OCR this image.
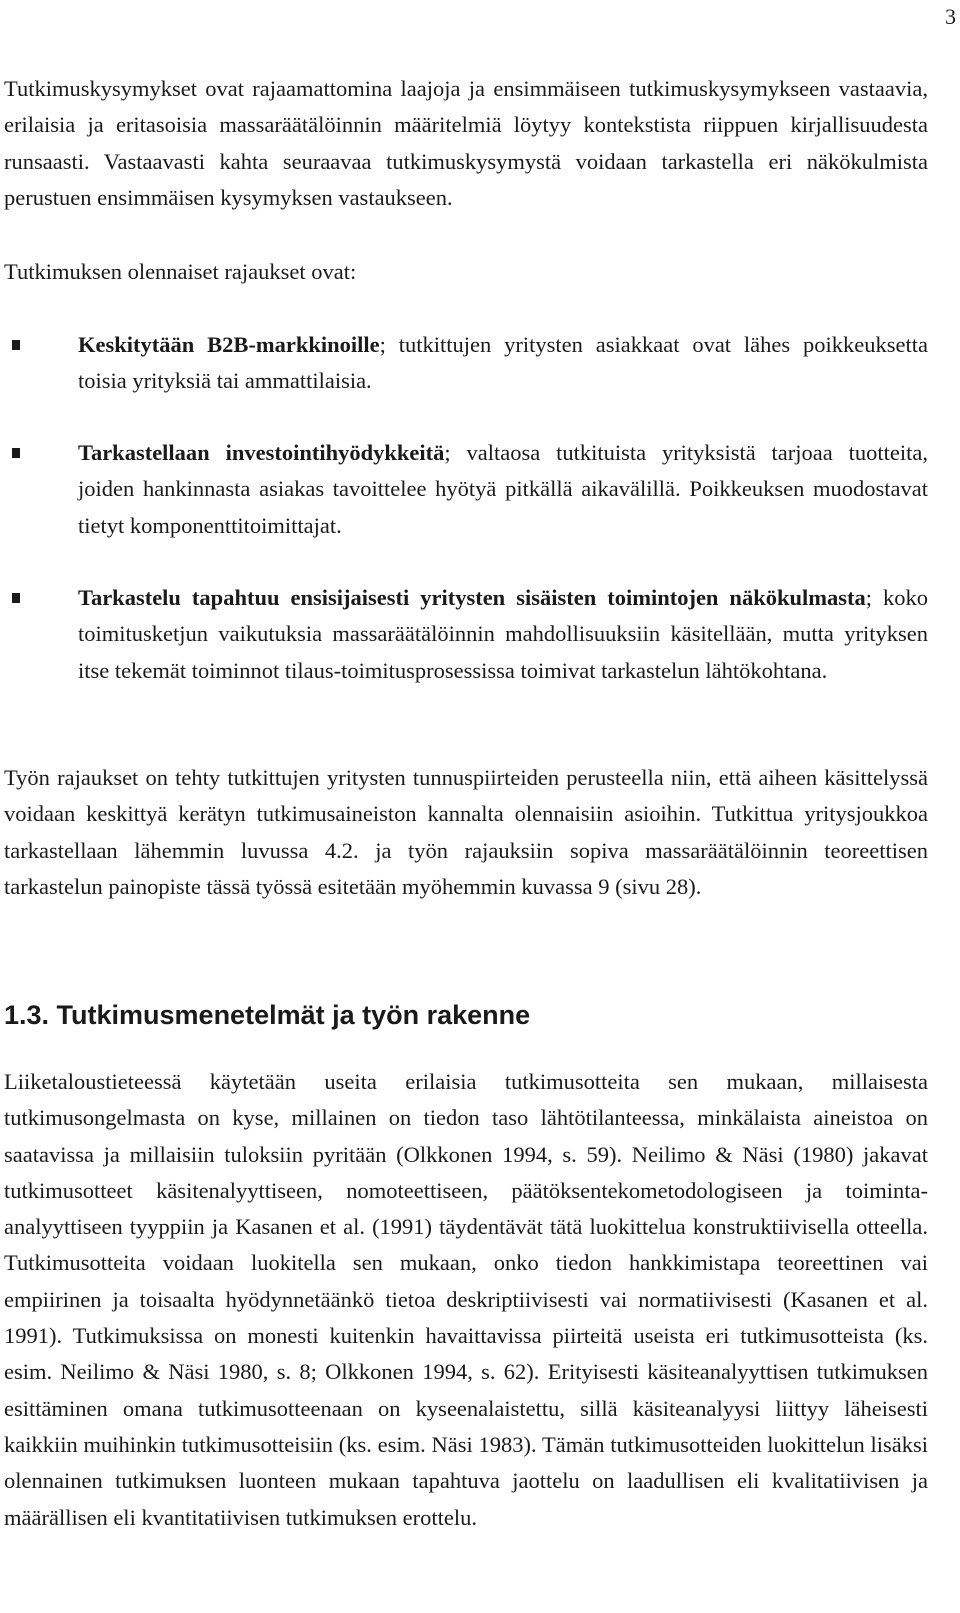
3

Tutkimuskysymykset ovat rajaamattomina laajoja ja ensimmäiseen tutkimuskysymykseen vastaavia, erilaisia ja eritasoisia massaräätälöinnin määritelmiä löytyy kontekstista riippuen kirjallisuudesta runsaasti. Vastaavasti kahta seuraavaa tutkimuskysymystä voidaan tarkastella eri näkökulmista perustuen ensimmäisen kysymyksen vastaukseen.

Tutkimuksen olennaiset rajaukset ovat:

Keskitytään B2B-markkinoille; tutkittujen yritysten asiakkaat ovat lähes poikkeuksetta toisia yrityksiä tai ammattilaisia.
Tarkastellaan investointihyödykkeitä; valtaosa tutkituista yrityksistä tarjoaa tuotteita, joiden hankinnasta asiakas tavoittelee hyötyä pitkällä aikavälillä. Poikkeuksen muodostavat tietyt komponenttitoimittajat.
Tarkastelu tapahtuu ensisijaisesti yritysten sisäisten toimintojen näkökulmasta; koko toimitusketjun vaikutuksia massaräätälöinnin mahdollisuuksiin käsitellään, mutta yrityksen itse tekemät toiminnot tilaus-toimitusprosessissa toimivat tarkastelun lähtökohtana.

Työn rajaukset on tehty tutkittujen yritysten tunnuspiirteiden perusteella niin, että aiheen käsittelyssä voidaan keskittyä kerätyn tutkimusaineiston kannalta olennaisiin asioihin. Tutkittua yritysjoukkoa tarkastellaan lähemmin luvussa 4.2. ja työn rajauksiin sopiva massaräätälöinnin teoreettisen tarkastelun painopiste tässä työssä esitetään myöhemmin kuvassa 9 (sivu 28).

1.3. Tutkimusmenetelmät ja työn rakenne

Liiketaloustieteessä käytetään useita erilaisia tutkimusotteita sen mukaan, millaisesta tutkimusongelmasta on kyse, millainen on tiedon taso lähtötilanteessa, minkälaista aineistoa on saatavissa ja millaisiin tuloksiin pyritään (Olkkonen 1994, s. 59). Neilimo & Näsi (1980) jakavat tutkimusotteet käsitenalyyttiseen, nomoteettiseen, päätöksentekometodologiseen ja toiminta-analyyttiseen tyyppiin ja Kasanen et al. (1991) täydentävät tätä luokittelua konstruktiivisella otteella. Tutkimusotteita voidaan luokitella sen mukaan, onko tiedon hankkimistapa teoreettinen vai empiirinen ja toisaalta hyödynnetäänkö tietoa deskriptiivisesti vai normatiivisesti (Kasanen et al. 1991). Tutkimuksissa on monesti kuitenkin havaittavissa piirteitä useista eri tutkimusotteista (ks. esim. Neilimo & Näsi 1980, s. 8; Olkkonen 1994, s. 62). Erityisesti käsiteanalyyttisen tutkimuksen esittäminen omana tutkimusotteenaan on kyseenalaistettu, sillä käsiteanalyysi liittyy läheisesti kaikkiin muihinkin tutkimusotteisiin (ks. esim. Näsi 1983). Tämän tutkimusotteiden luokittelun lisäksi olennainen tutkimuksen luonteen mukaan tapahtuva jaottelu on laadullisen eli kvalitatiivisen ja määrällisen eli kvantitatiivisen tutkimuksen erottelu.
